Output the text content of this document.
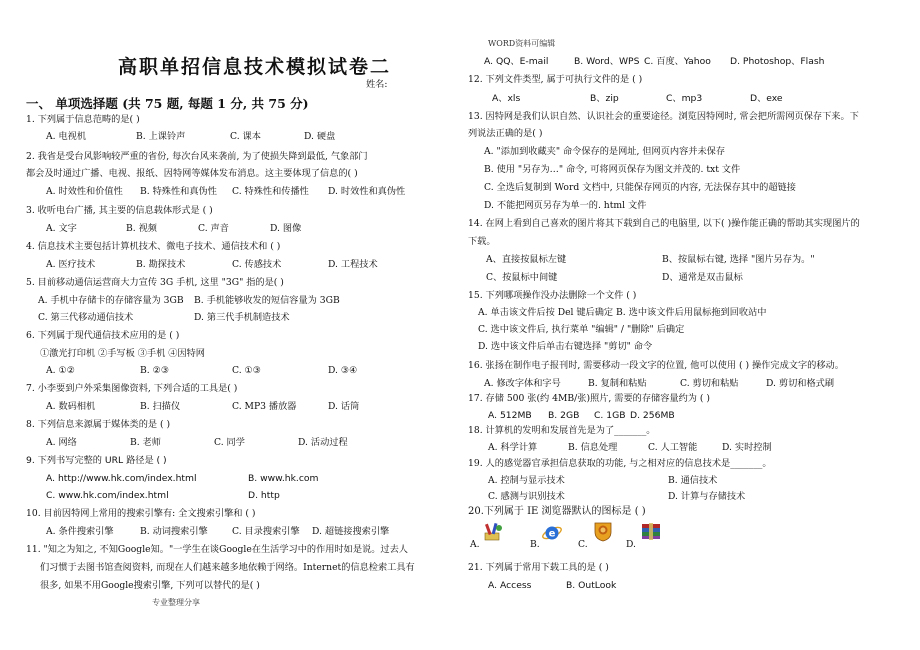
WORD资料可编辑
高职单招信息技术模拟试卷二
姓名:
一、 单项选择题 (共 75 题, 每题 1 分, 共 75 分)
1. 下列属于信息范畴的是( )
A. 电视机	B. 上课铃声	C. 课本	D. 硬盘
2. 我省是受台风影响较严重的省份, 每次台风来袭前, 为了使损失降到最低, 气象部门
都会及时通过广播、电视、报纸、因特网等媒体发布消息。这主要体现了信息的( )
A. 时效性和价值性 B. 特殊性和真伪性 C. 特殊性和传播性 D. 时效性和真伪性
3. 收听电台广播, 其主要的信息载体形式是 ( )
A. 文字	B. 视频	C. 声音	D. 图像
4. 信息技术主要包括计算机技术、微电子技术、通信技术和 ( )
A. 医疗技术	B. 勘探技术	C. 传感技术	D. 工程技术
5. 目前移动通信运营商大力宣传 3G 手机, 这里 "3G" 指的是( )
A. 手机中存储卡的存储容量为 3GB B. 手机能够收发的短信容量为 3GB
C. 第三代移动通信技术	D. 第三代手机制造技术
6. 下列属于现代通信技术应用的是 ( )
①激光打印机 ②手写板 ③手机 ④因特网
A. ①②	B. ②③	C. ①③	D. ③④
7. 小李要到户外采集图像资料, 下列合适的工具是( )
A. 数码相机	B. 扫描仪	C. MP3 播放器	D. 话筒
8. 下列信息来源属于媒体类的是 ( )
A. 网络	B. 老师	C. 同学	D. 活动过程
9. 下列书写完整的 URL 路径是 ( )
A. http://www.hk.com/index.html	B. www.hk.com
C. www.hk.com/index.html	D. http
10. 目前因特网上常用的搜索引擎有: 全文搜索引擎和 ( )
A. 条件搜索引擎	B. 动词搜索引擎	C. 目录搜索引擎 D. 超链接搜索引擎
11. "知之为知之, 不知Google知。"一学生在谈Google在生活学习中的作用时如是说。过去人
们习惯于去图书馆查阅资料, 而现在人们越来越多地依赖于网络。Internet的信息检索工具有
很多, 如果不用Google搜索引擎, 下列可以替代的是( )
专业整理分享
A. QQ、E-mail	B. Word、WPS C. 百度、Yahoo D. Photoshop、Flash
12. 下列文件类型, 属于可执行文件的是 ( )
A、xls	B、zip	C、mp3	D、exe
13. 因特网是我们认识自然、认识社会的重要途径。浏览因特网时, 常会把所需网页保存下来。下
列说法正确的是( )
A. "添加到收藏夹" 命令保存的是网址, 但网页内容并未保存
B. 使用 "另存为…" 命令, 可将网页保存为图文并茂的. txt 文件
C. 全选后复制到 Word 文档中, 只能保存网页的内容, 无法保存其中的超链接
D. 不能把网页另存为单一的. html 文件
14. 在网上看到自己喜欢的图片将其下载到自己的电脑里, 以下( )操作能正确的帮助其实现图片的
下载。
A、直接按鼠标左键	B、按鼠标右键, 选择 "图片另存为。"
C、按鼠标中间键	D、通常是双击鼠标
15. 下列哪项操作没办法删除一个文件 ( )
A. 单击该文件后按 Del 键后确定 B. 选中该文件后用鼠标拖到回收站中
C. 选中该文件后, 执行菜单 "编辑" / "删除" 后确定
D. 选中该文件后单击右键选择 "剪切" 命令
16. 张扬在制作电子报刊时, 需要移动一段文字的位置, 他可以使用 ( ) 操作完成文字的移动。
A. 修改字体和字号	B. 复制和粘贴	C. 剪切和粘贴	D. 剪切和格式刷
17. 存储 500 张(约 4MB/张)照片, 需要的存储容量约为 ( )
A. 512MB B. 2GB C. 1GB D. 256MB
18. 计算机的发明和发展首先是为了_______。
A. 科学计算	B. 信息处理	C. 人工智能	D. 实时控制
19. 人的感觉器官承担信息获取的功能, 与之相对应的信息技术是_______。
A. 控制与显示技术	B. 通信技术
C. 感测与识别技术	D. 计算与存储技术
20.下列属于 IE 浏览器默认的图标是 ( )
A.	B.
e
C.	D.
21. 下列属于常用下载工具的是 ( )
A. Access	B. OutLook
